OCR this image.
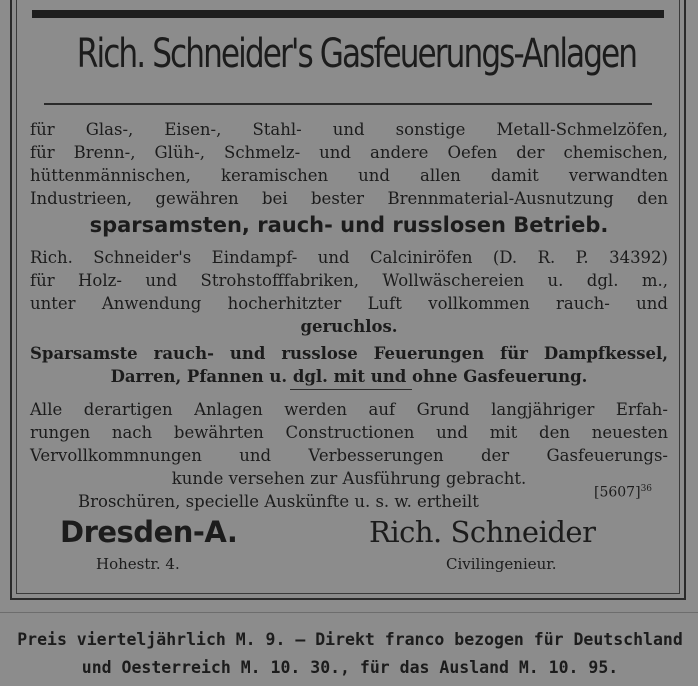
Rich. Schneider's Gasfeuerungs-Anlagen
für Glas-, Eisen-, Stahl- und sonstige Metall-Schmelzöfen,
für Brenn-, Glüh-, Schmelz- und andere Oefen der chemischen,
hüttenmännischen, keramischen und allen damit verwandten
Industrieen, gewähren bei bester Brennmaterial-Ausnutzung den
sparsamsten, rauch- und russlosen Betrieb.
Rich. Schneider's Eindampf- und Calciniröfen (D. R. P. 34392)
für Holz- und Strohstofffabriken, Wollwäschereien u. dgl. m.,
unter Anwendung hocherhitzter Luft vollkommen rauch- und
geruchlos.
Sparsamste rauch- und russlose Feuerungen für Dampfkessel,
Darren, Pfannen u. dgl. mit und ohne Gasfeuerung.
Alle derartigen Anlagen werden auf Grund langjähriger Erfah-
rungen nach bewährten Constructionen und mit den neuesten
Vervollkommnungen und Verbesserungen der Gasfeuerungs-
kunde versehen zur Ausführung gebracht.
Broschüren, specielle Auskünfte u. s. w. ertheilt	$[5607]^{36}$
Dresden-A.
Hohestr. 4.
Rich. Schneider
Civilingenieur.
Preis vierteljährlich M. 9. — Direkt franco bezogen für Deutschland
und Oesterreich M. 10. 30., für das Ausland M. 10. 95.
